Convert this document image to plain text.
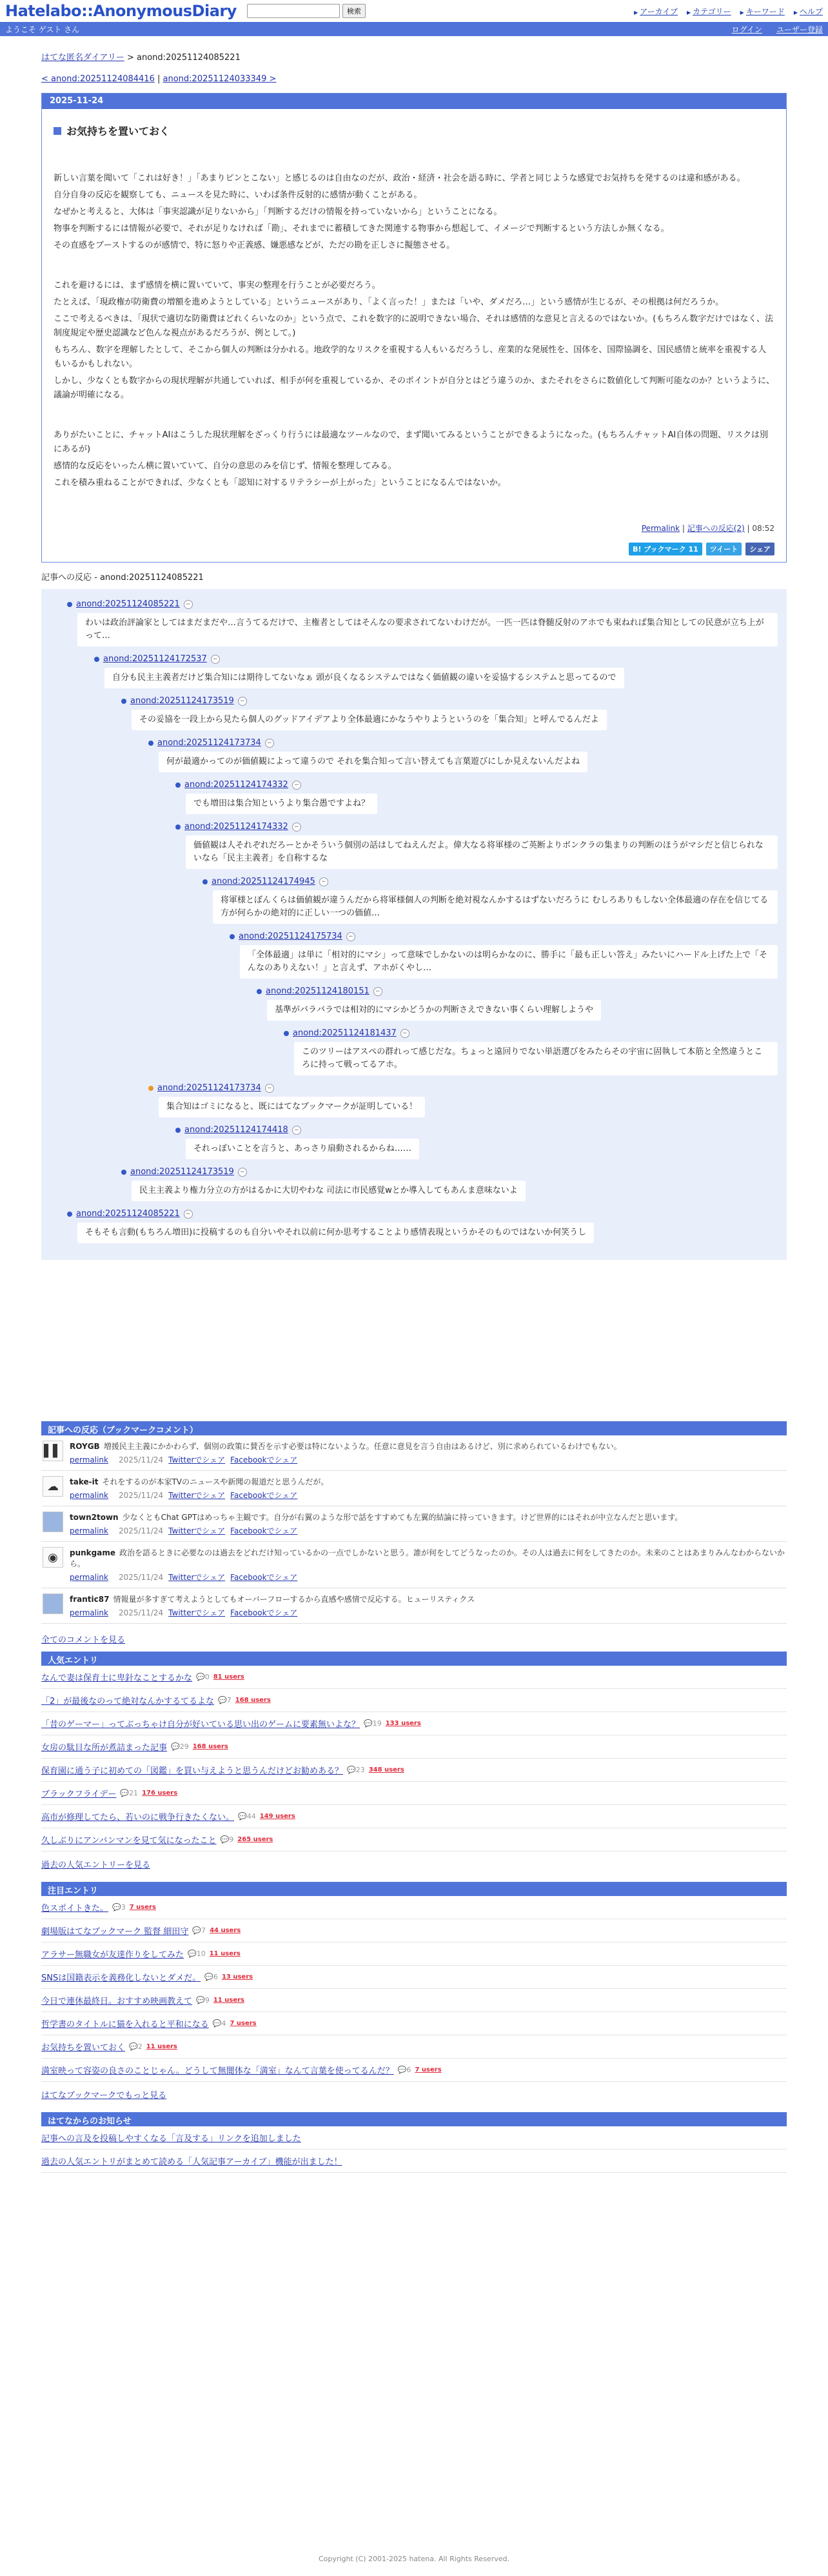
Hatelabo::AnonymousDiary	検索	▶ アーカイブ	▶ カテゴリー	▶ キーワード	▶ ヘルプ
ようこそ ゲスト さん	ログイン ユーザー登録
はてな匿名ダイアリー > anond:20251124085221
< anond:20251124084416 | anond:20251124033349 >
2025-11-24
お気持ちを置いておく

新しい言葉を聞いて「これは好き！」「あまりピンとこない」と感じるのは自由なのだが、政治・経済・社会を語る時に、学者と同じような感覚でお気持ちを発するのは違和感がある。

自分自身の反応を観察しても、ニュースを見た時に、いわば条件反射的に感情が動くことがある。

なぜかと考えると、大体は「事実認識が足りないから」「判断するだけの情報を持っていないから」ということになる。

物事を判断するには情報が必要で、それが足りなければ「勘」、それまでに蓄積してきた関連する物事から想起して、イメージで判断するという方法しか無くなる。

その直感をブーストするのが感情で、特に怒りや正義感、嫌悪感などが、ただの勘を正しさに擬態させる。

これを避けるには、まず感情を横に置いていて、事実の整理を行うことが必要だろう。

たとえば、「現政権が防衛費の増額を進めようとしている」というニュースがあり、「よく言った！」または「いや、ダメだろ…」という感情が生じるが、その根拠は何だろうか。

ここで考えるべきは、「現状で適切な防衛費はどれくらいなのか」という点で、これを数字的に説明できない場合、それは感情的な意見と言えるのではないか。(もちろん数字だけではなく、法制度規定や歴史認識など色んな視点があるだろうが、例として。)

もちろん、数字を理解したとして、そこから個人の判断は分かれる。地政学的なリスクを重視する人もいるだろうし、産業的な発展性を、国体を、国際協調を、国民感情と統率を重視する人もいるかもしれない。

しかし、少なくとも数字からの現状理解が共通していれば、相手が何を重視しているか、そのポイントが自分とはどう違うのか、またそれをさらに数値化して判断可能なのか？というように、議論が明確になる。

ありがたいことに、チャットAIはこうした現状理解をざっくり行うには最適なツールなので、まず聞いてみるということができるようになった。(もちろんチャットAI自体の問題、リスクは別にあるが)

感情的な反応をいったん横に置いていて、自分の意思のみを信じず、情報を整理してみる。

これを積み重ねることができれば、少なくとも「認知に対するリテラシーが上がった」ということになるんではないか。

Permalink | 記事への反応(2) | 08:52
B! ブックマーク 11	ツイート	シェア
記事への反応 - anond:20251124085221
anond:20251124085221	−
わいは政治評論家としてはまだまだや…言うてるだけで、主権者としてはそんなの要求されてないわけだが。一匹一匹は脊髄反射のアホでも束ねれば集合知としての民意が立ち上がって…
anond:20251124172537	−
自分も民主主義者だけど集合知には期待してないなぁ 頭が良くなるシステムではなく価値観の違いを妥協するシステムと思ってるので
anond:20251124173519	−
その妥協を一段上から見たら個人のグッドアイデアより全体最適にかなうやりようというのを「集合知」と呼んでるんだよ
anond:20251124173734	−
何が最適かってのが価値観によって違うので それを集合知って言い替えても言葉遊びにしか見えないんだよね
anond:20251124174332	−
でも増田は集合知というより集合愚ですよね？
anond:20251124174332	−
価値観は人それぞれだろーとかそういう個別の話はしてねえんだよ。偉大なる将軍様のご英断よりボンクラの集まりの判断のほうがマシだと信じられないなら「民主主義者」を自称するな
anond:20251124174945	−
将軍様とぼんくらは価値観が違うんだから将軍様個人の判断を絶対視なんかするはずないだろうに むしろありもしない全体最適の存在を信じてる方が何らかの絶対的に正しい一つの価値…
anond:20251124175734	−
「全体最適」は単に「相対的にマシ」って意味でしかないのは明らかなのに、勝手に「最も正しい答え」みたいにハードル上げた上で「そんなのありえない！」と言えず、アホがくやし…
anond:20251124180151	−
基準がバラバラでは相対的にマシかどうかの判断さえできない事くらい理解しようや
anond:20251124181437	−
このツリーはアスペの群れって感じだな。ちょっと遠回りでない単語選びをみたらその宇宙に固執して本筋と全然違うところに持って戦ってるアホ。
anond:20251124173734	−
集合知はゴミになると、既にはてなブックマークが証明している！
anond:20251124174418	−
それっぽいことを言うと、あっさり扇動されるからね……
anond:20251124173519	−
民主主義より権力分立の方がはるかに大切やわな 司法に市民感覚wとか導入してもあんま意味ないよ
anond:20251124085221	−
そもそも言動(もちろん増田)に投稿するのも自分いやそれ以前に何か思考することより感情表現というかそのものではないか何笑うし
記事への反応（ブックマークコメント）
▌▌ ROYGB 増援民主主義にかかわらず、個別の政策に賛否を示す必要は特にないような。任意に意見を言う自由はあるけど、別に求められているわけでもない。
permalink 2025/11/24 Twitterでシェア Facebookでシェア
☁	take-it それをするのが本家TVのニュースや新聞の報道だと思うんだが。
permalink 2025/11/24 Twitterでシェア Facebookでシェア
town2town 少なくともChat GPTはめっちゃ主観です。自分が右翼のような形で話をすすめても左翼的結論に持っていきます。けど世界的にはそれが中立なんだと思います。
permalink 2025/11/24 Twitterでシェア Facebookでシェア
◉	punkgame 政治を語るときに必要なのは過去をどれだけ知っているかの一点でしかないと思う。誰が何をしてどうなったのか。その人は過去に何をしてきたのか。未来のことはあまりみんなわからないから。
permalink 2025/11/24 Twitterでシェア Facebookでシェア
frantic87 情報量が多すぎて考えようとしてもオーバーフローするから直感や感情で反応する。ヒューリスティクス
permalink 2025/11/24 Twitterでシェア Facebookでシェア
全てのコメントを見る
人気エントリ
なんで妻は保育士に卑針なことするかな 💬0 81 users
「2」が最後なのって絶対なんかするてるよな 💬7 168 users
「昔のゲーマー」ってぶっちゃけ自分が好いている思い出のゲームに要素無いよな？ 💬19 133 users
女房の駄目な所が煮詰まった記事 💬29 168 users
保育園に通う子に初めての「図鑑」を買い与えようと思うんだけどお勧めある？ 💬23 348 users
ブラックフライデー 💬21 176 users
高市が修理してたら、若いのに戦争行きたくない。 💬44 149 users
久しぶりにアンパンマンを見て気になったこと 💬9 265 users
過去の人気エントリーを見る
注目エントリ
色スポイトきた。 💬3 7 users
劇場版はてなブックマーク 監督 細田守 💬7 44 users
アラサー無職女が友達作りをしてみた 💬10 11 users
SNSは国籍表示を義務化しないとダメだ。 💬6 13 users
今日で連休最終日。おすすめ映画教えて 💬9 11 users
哲学書のタイトルに猫を入れると平和になる 💬4 7 users
お気持ちを置いておく 💬2 11 users
満室映って容姿の良さのことじゃん。どうして無闇体な「満室」なんて言葉を使ってるんだ？ 💬6 7 users
はてなブックマークでもっと見る
はてなからのお知らせ
記事への言及を投稿しやすくなる「言及する」リンクを追加しました
過去の人気エントリがまとめて読める「人気記事アーカイブ」機能が出ました！
Copyright (C) 2001-2025 hatena. All Rights Reserved.
